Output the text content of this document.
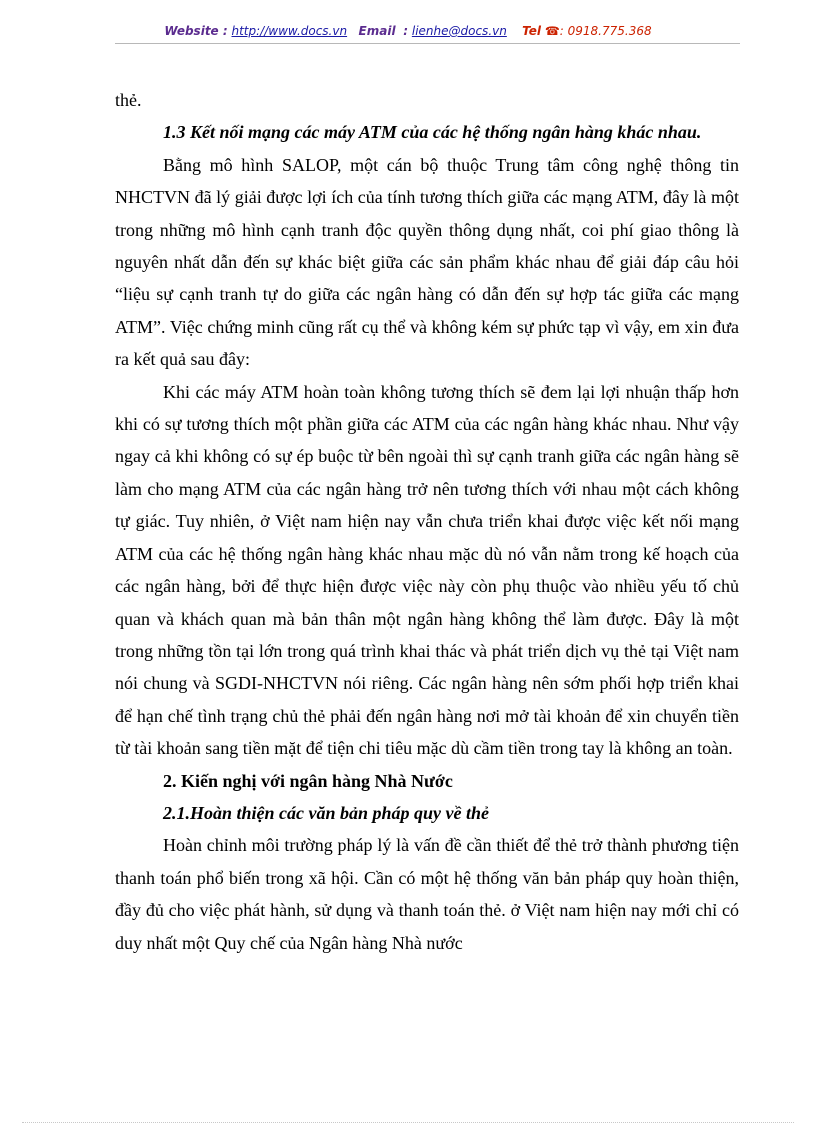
Website : http://www.docs.vn Email : lienhe@docs.vn Tel ☎: 0918.775.368

thẻ.

1.3 Kết nối mạng các máy ATM của các hệ thống ngân hàng khác nhau.

Bằng mô hình SALOP, một cán bộ thuộc Trung tâm công nghệ thông tin NHCTVN đã lý giải được lợi ích của tính tương thích giữa các mạng ATM, đây là một trong những mô hình cạnh tranh độc quyền thông dụng nhất, coi phí giao thông là nguyên nhất dẫn đến sự khác biệt giữa các sản phẩm khác nhau để giải đáp câu hỏi “liệu sự cạnh tranh tự do giữa các ngân hàng có dẫn đến sự hợp tác giữa các mạng ATM”. Việc chứng minh cũng rất cụ thể và không kém sự phức tạp vì vậy, em xin đưa ra kết quả sau đây:

Khi các máy ATM hoàn toàn không tương thích sẽ đem lại lợi nhuận thấp hơn khi có sự tương thích một phần giữa các ATM của các ngân hàng khác nhau. Như vậy ngay cả khi không có sự ép buộc từ bên ngoài thì sự cạnh tranh giữa các ngân hàng sẽ làm cho mạng ATM của các ngân hàng trở nên tương thích với nhau một cách không tự giác. Tuy nhiên, ở Việt nam hiện nay vẫn chưa triển khai được việc kết nối mạng ATM của các hệ thống ngân hàng khác nhau mặc dù nó vẫn nằm trong kế hoạch của các ngân hàng, bởi để thực hiện được việc này còn phụ thuộc vào nhiều yếu tố chủ quan và khách quan mà bản thân một ngân hàng không thể làm được. Đây là một trong những tồn tại lớn trong quá trình khai thác và phát triển dịch vụ thẻ tại Việt nam nói chung và SGDI-NHCTVN nói riêng. Các ngân hàng nên sớm phối hợp triển khai để hạn chế tình trạng chủ thẻ phải đến ngân hàng nơi mở tài khoản để xin chuyển tiền từ tài khoản sang tiền mặt để tiện chi tiêu mặc dù cầm tiền trong tay là không an toàn.

2. Kiến nghị với ngân hàng Nhà Nước

2.1.Hoàn thiện các văn bản pháp quy về thẻ

Hoàn chỉnh môi trường pháp lý là vấn đề cần thiết để thẻ trở thành phương tiện thanh toán phổ biến trong xã hội. Cần có một hệ thống văn bản pháp quy hoàn thiện, đầy đủ cho việc phát hành, sử dụng và thanh toán thẻ. ở Việt nam hiện nay mới chỉ có duy nhất một Quy chế của Ngân hàng Nhà nước
